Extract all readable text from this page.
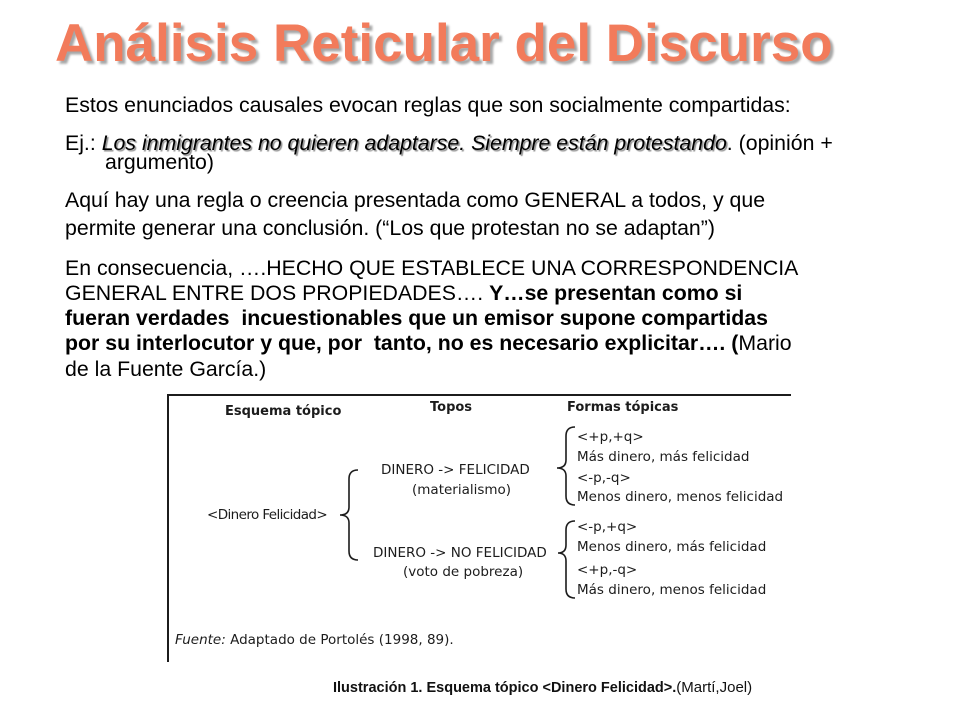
Análisis Reticular del Discurso
Estos enunciados causales evocan reglas que son socialmente compartidas:
Ej.: Los inmigrantes no quieren adaptarse. Siempre están protestando. (opinión +
argumento)
Aquí hay una regla o creencia presentada como GENERAL a todos, y que
permite generar una conclusión. (“Los que protestan no se adaptan”)
En consecuencia, ….HECHO QUE ESTABLECE UNA CORRESPONDENCIA
GENERAL ENTRE DOS PROPIEDADES…. Y…se presentan como si
fueran verdades  incuestionables que un emisor supone compartidas
por su interlocutor y que, por  tanto, no es necesario explicitar…. (Mario
de la Fuente García.)
Esquema tópico	Topos	Formas tópicas
<Dinero Felicidad>
DINERO -> FELICIDAD
(materialismo)
DINERO -> NO FELICIDAD
(voto de pobreza)
<+p,+q>
Más dinero, más felicidad
<-p,-q>
Menos dinero, menos felicidad
<-p,+q>
Menos dinero, más felicidad
<+p,-q>
Más dinero, menos felicidad
Fuente: Adaptado de Portolés (1998, 89).
Ilustración 1. Esquema tópico <Dinero Felicidad>.(Martí,Joel)
